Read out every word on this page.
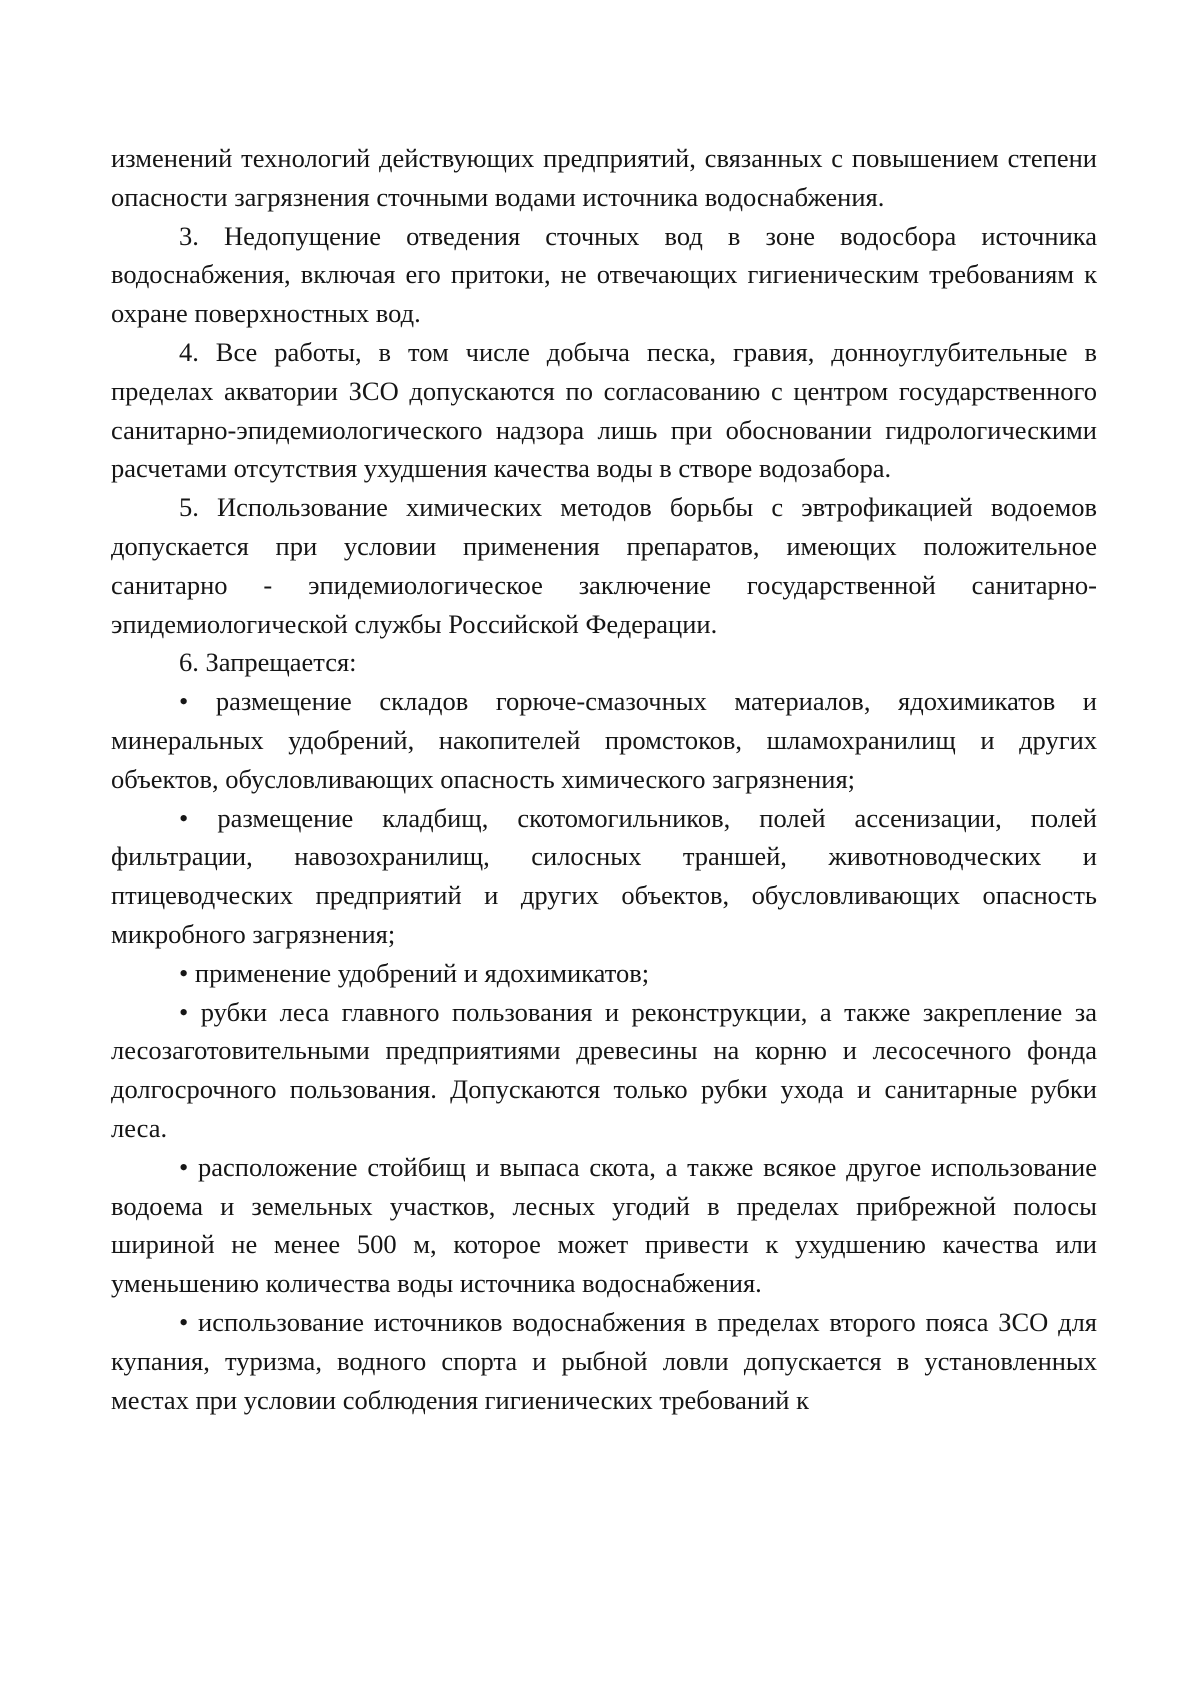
изменений технологий действующих предприятий, связанных с повышением степени опасности загрязнения сточными водами источника водоснабжения.

3. Недопущение отведения сточных вод в зоне водосбора источника водоснабжения, включая его притоки, не отвечающих гигиеническим требованиям к охране поверхностных вод.

4. Все работы, в том числе добыча песка, гравия, донноуглубительные в пределах акватории ЗСО допускаются по согласованию с центром государственного санитарно-эпидемиологического надзора лишь при обосновании гидрологическими расчетами отсутствия ухудшения качества воды в створе водозабора.

5. Использование химических методов борьбы с эвтрофикацией водоемов допускается при условии применения препаратов, имеющих положительное санитарно - эпидемиологическое заключение государственной санитарно-эпидемиологической службы Российской Федерации.

6. Запрещается:

• размещение складов горюче-смазочных материалов, ядохимикатов и минеральных удобрений, накопителей промстоков, шламохранилищ и других объектов, обусловливающих опасность химического загрязнения;

• размещение кладбищ, скотомогильников, полей ассенизации, полей фильтрации, навозохранилищ, силосных траншей, животноводческих и птицеводческих предприятий и других объектов, обусловливающих опасность микробного загрязнения;

• применение удобрений и ядохимикатов;

• рубки леса главного пользования и реконструкции, а также закрепление за лесозаготовительными предприятиями древесины на корню и лесосечного фонда долгосрочного пользования. Допускаются только рубки ухода и санитарные рубки леса.

• расположение стойбищ и выпаса скота, а также всякое другое использование водоема и земельных участков, лесных угодий в пределах прибрежной полосы шириной не менее 500 м, которое может привести к ухудшению качества или уменьшению количества воды источника водоснабжения.

• использование источников водоснабжения в пределах второго пояса ЗСО для купания, туризма, водного спорта и рыбной ловли допускается в установленных местах при условии соблюдения гигиенических требований к
